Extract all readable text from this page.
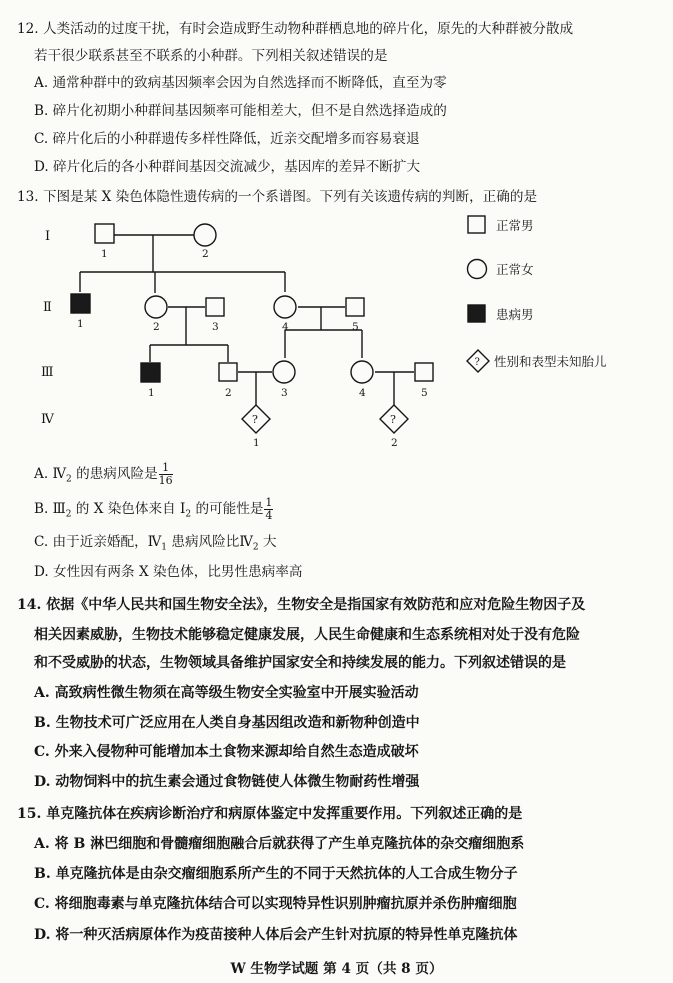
12. 人类活动的过度干扰，有时会造成野生动物种群栖息地的碎片化，原先的大种群被分散成
若干很少联系甚至不联系的小种群。下列相关叙述错误的是
A. 通常种群中的致病基因频率会因为自然选择而不断降低，直至为零
B. 碎片化初期小种群间基因频率可能相差大，但不是自然选择造成的
C. 碎片化后的小种群遗传多样性降低，近亲交配增多而容易衰退
D. 碎片化后的各小种群间基因交流减少，基因库的差异不断扩大
13. 下图是某 X 染色体隐性遗传病的一个系谱图。下列有关该遗传病的判断，正确的是
?	?
Ⅰ
Ⅱ
Ⅲ
Ⅳ
1	2
1	2	3	4	5
1	2	3	4	5
1	2
正常男
正常女
患病男
? 性别和表型未知胎儿
A. $Ⅳ_2$ 的患病风险是 $\frac{1}{16}$
B. $Ⅲ_2$ 的 X 染色体来自 $Ⅰ_2$ 的可能性是 $\frac{1}{4}$
C. 由于近亲婚配，$Ⅳ_1$ 患病风险比$Ⅳ_2$ 大
D. 女性因有两条 X 染色体，比男性患病率高
14. 依据《中华人民共和国生物安全法》，生物安全是指国家有效防范和应对危险生物因子及
相关因素威胁，生物技术能够稳定健康发展，人民生命健康和生态系统相对处于没有危险
和不受威胁的状态，生物领域具备维护国家安全和持续发展的能力。下列叙述错误的是
A. 高致病性微生物须在高等级生物安全实验室中开展实验活动
B. 生物技术可广泛应用在人类自身基因组改造和新物种创造中
C. 外来入侵物种可能增加本土食物来源却给自然生态造成破坏
D. 动物饲料中的抗生素会通过食物链使人体微生物耐药性增强
15. 单克隆抗体在疾病诊断治疗和病原体鉴定中发挥重要作用。下列叙述正确的是
A. 将 B 淋巴细胞和骨髓瘤细胞融合后就获得了产生单克隆抗体的杂交瘤细胞系
B. 单克隆抗体是由杂交瘤细胞系所产生的不同于天然抗体的人工合成生物分子
C. 将细胞毒素与单克隆抗体结合可以实现特异性识别肿瘤抗原并杀伤肿瘤细胞
D. 将一种灭活病原体作为疫苗接种人体后会产生针对抗原的特异性单克隆抗体
W 生物学试题 第 4 页（共 8 页）
